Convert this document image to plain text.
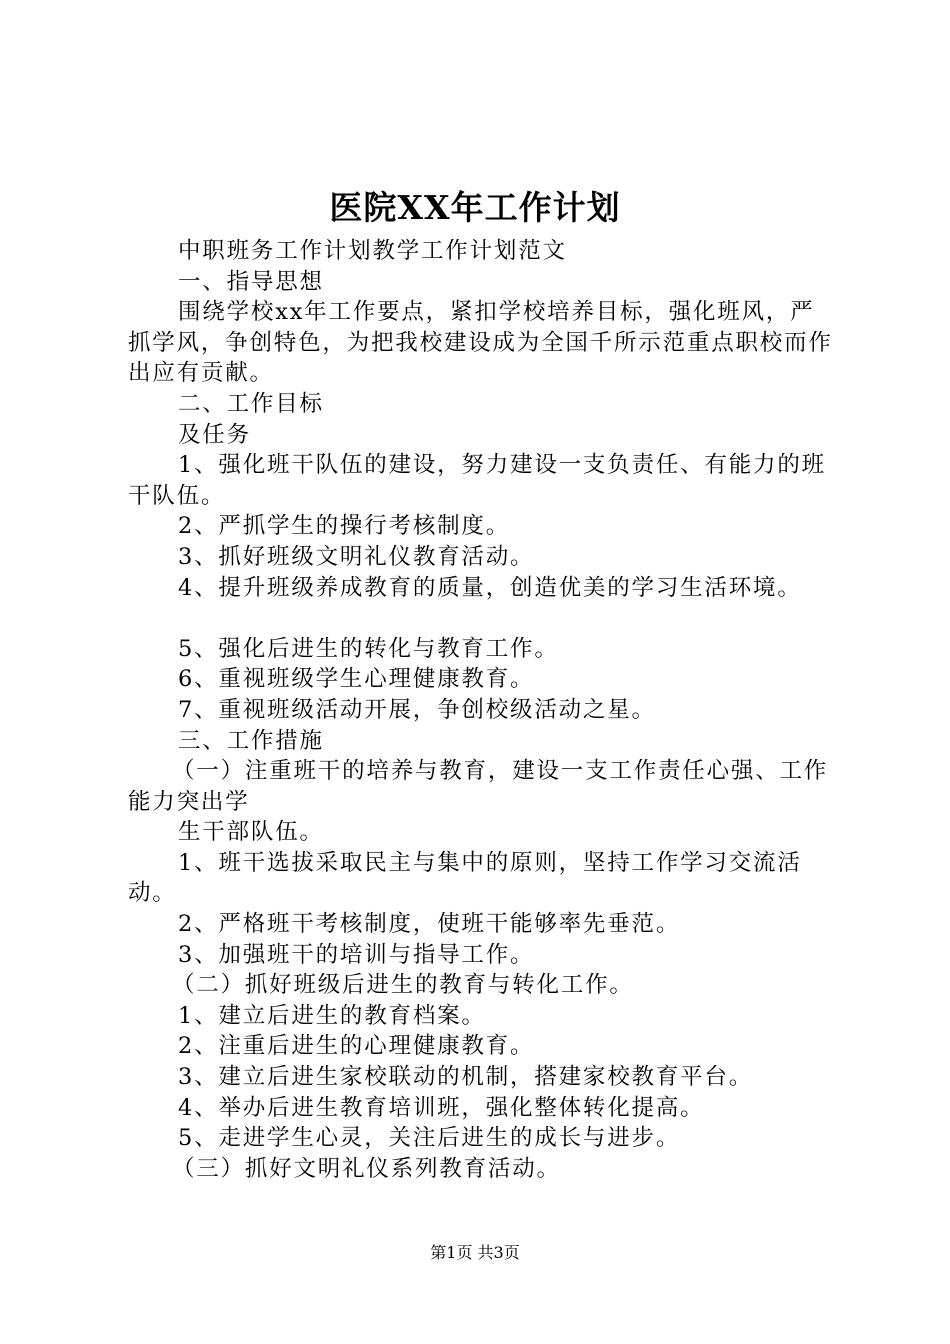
医院XX年工作计划

中职班务工作计划教学工作计划范文

一、指导思想

围绕学校xx年工作要点，紧扣学校培养目标，强化班风，严抓学风，争创特色，为把我校建设成为全国千所示范重点职校而作出应有贡献。

二、工作目标

及任务

1、强化班干队伍的建设，努力建设一支负责任、有能力的班干队伍。

2、严抓学生的操行考核制度。

3、抓好班级文明礼仪教育活动。

4、提升班级养成教育的质量，创造优美的学习生活环境。

5、强化后进生的转化与教育工作。

6、重视班级学生心理健康教育。

7、重视班级活动开展，争创校级活动之星。

三、工作措施

（一）注重班干的培养与教育，建设一支工作责任心强、工作能力突出学

生干部队伍。

1、班干选拔采取民主与集中的原则，坚持工作学习交流活动。

2、严格班干考核制度，使班干能够率先垂范。

3、加强班干的培训与指导工作。

（二）抓好班级后进生的教育与转化工作。

1、建立后进生的教育档案。

2、注重后进生的心理健康教育。

3、建立后进生家校联动的机制，搭建家校教育平台。

4、举办后进生教育培训班，强化整体转化提高。

5、走进学生心灵，关注后进生的成长与进步。

（三）抓好文明礼仪系列教育活动。

第1页 共3页
